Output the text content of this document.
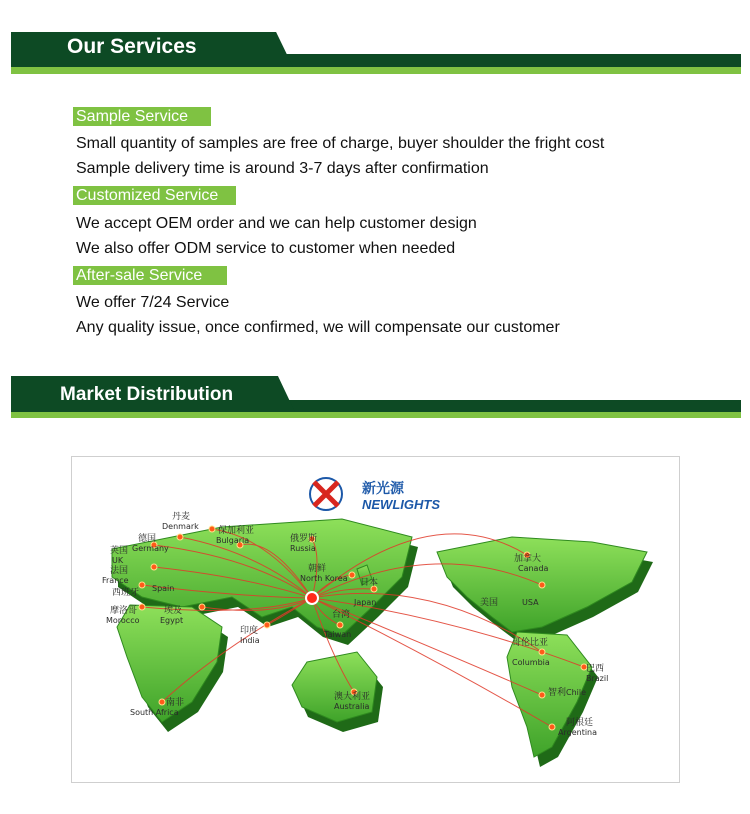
Our Services
Sample Service
Small quantity of samples are free of charge, buyer shoulder the fright cost
Sample delivery time is around 3-7 days after confirmation
Customized Service
We accept OEM order and we can help customer design
We also offer ODM service to customer when needed
After-sale Service
We offer 7/24 Service
Any quality issue, once confirmed, we will compensate our customer
Market Distribution
新光源
NEWLIGHTS
英国
UK
德国
Germany
丹麦
Denmark 保加利亚
Bulgaria
法国
France
西班牙 Spain
摩洛哥
Morocco
埃及
Egypt
俄罗斯
Russia
朝鲜
North Korea 日本
Japan
印度
India
台湾
Taiwan
澳大利亚
Australia
南非
South Africa
加拿大
Canada
美国	USA
哥伦比亚
Columbia
巴西
Brazil
智利 Chile
阿根廷
Argentina
